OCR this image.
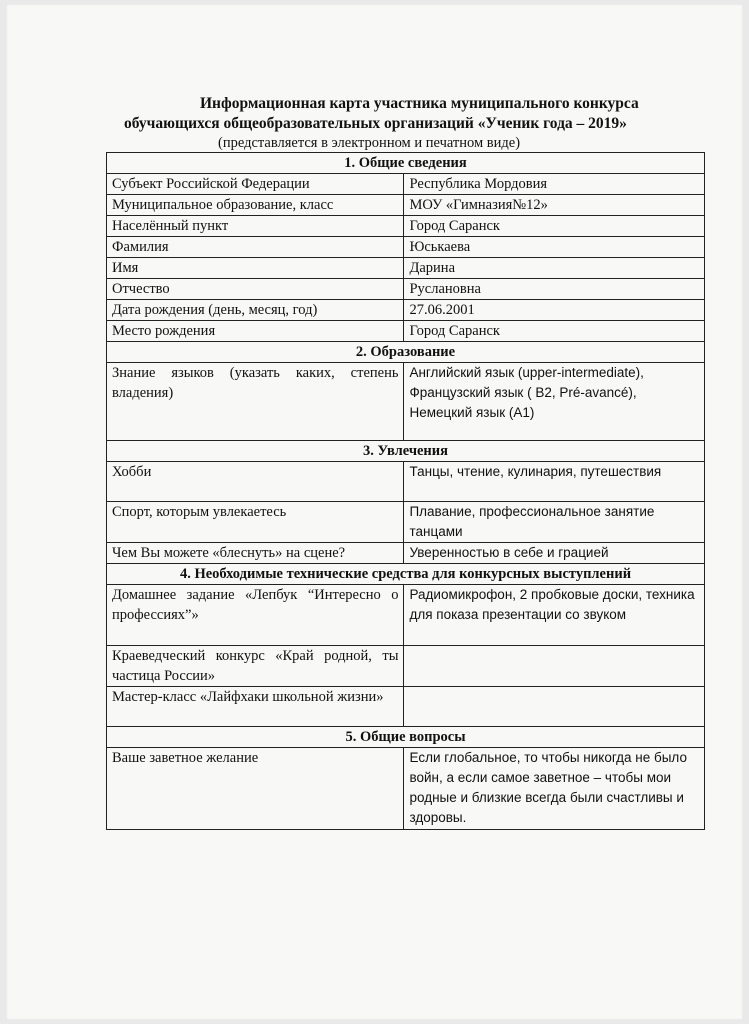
Информационная карта участника муниципального конкурса
обучающихся общеобразовательных организаций «Ученик года – 2019»
(представляется в электронном и печатном виде)
1. Общие сведения	
Субъект Российской Федерации	Республика Мордовия
Муниципальное образование, класс	МОУ «Гимназия№12»
Населённый пункт	Город Саранск
Фамилия	Юськаева
Имя	Дарина
Отчество	Руслановна
Дата рождения (день, месяц, год)	27.06.2001
Место рождения	Город Саранск
2. Образование	
Знание языков (указать каких, степень владения)	Английский язык (upper-intermediate), Французский язык ( В2, Pré-avancé), Немецкий язык (А1)
3. Увлечения	
Хобби	Танцы, чтение, кулинария, путешествия
Спорт, которым увлекаетесь	Плавание, профессиональное занятие танцами
Чем Вы можете «блеснуть» на сцене?	Уверенностью в себе и грацией
4. Необходимые технические средства для конкурсных выступлений	
Домашнее задание «Лепбук “Интересно о профессиях”»	Радиомикрофон, 2 пробковые доски, техника для показа презентации со звуком
Краеведческий конкурс «Край родной, ты частица России»	
Мастер-класс «Лайфхаки школьной жизни»	
5. Общие вопросы	
Ваше заветное желание	Если глобальное, то чтобы никогда не было войн, а если самое заветное – чтобы мои родные и близкие всегда были счастливы и здоровы.
